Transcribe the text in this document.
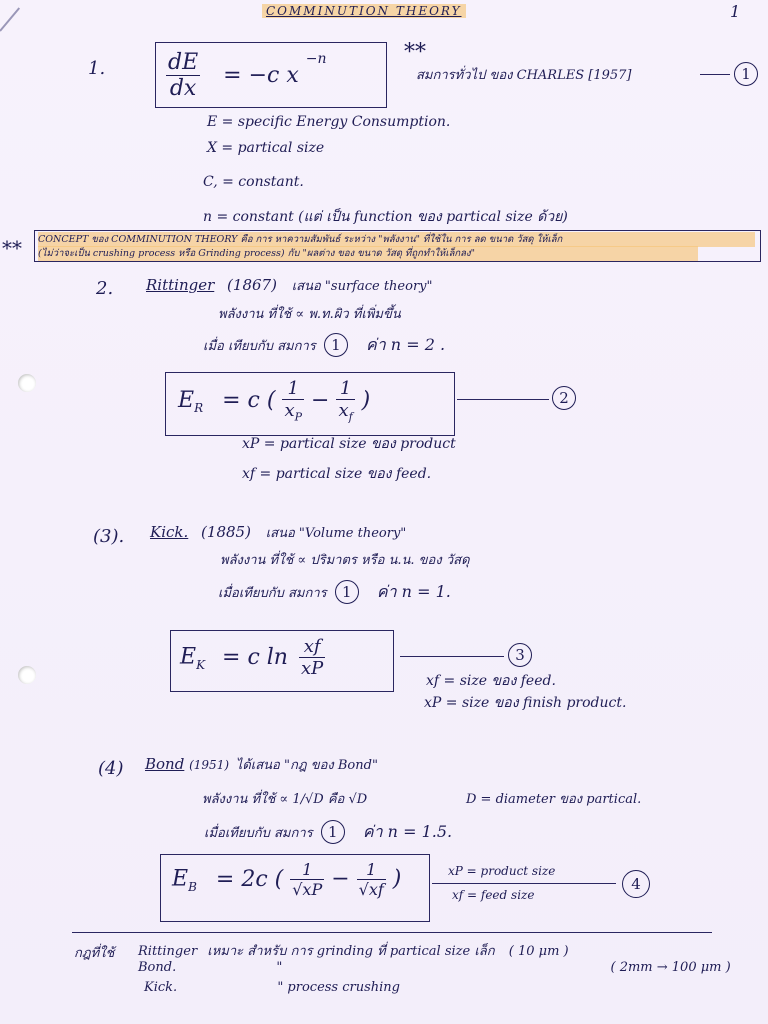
COMMINUTION THEORY	1
1.	$\frac{dE}{dx} = -c$ x $^{-n}$	**
สมการทั่วไป ของ CHARLES [1957]	1
E = specific Energy Consumption.
X = partical size
C, = constant.
n = constant (แต่ เป็น function ของ partical size ด้วย)
** CONCEPT ของ COMMINUTION THEORY คือ การ หาความสัมพันธ์ ระหว่าง "พลังงาน" ที่ใช้ใน การ ลด ขนาด วัสดุ ให้เล็ก
(ไม่ว่าจะเป็น crushing process หรือ Grinding process) กับ "ผลต่าง ของ ขนาด วัสดุ ที่ถูกทำให้เล็กลง"
2. Rittinger (1867) เสนอ "surface theory"
พลังงาน ที่ใช้ ∝ พ.ท.ผิว ที่เพิ่มขึ้น
เมื่อ เทียบกับ สมการ 1 ค่า n = 2 .
$E_R = c$ ( $\frac{1}{x_P} - \frac{1}{x_f}$ )	2
xP = partical size ของ product
xf = partical size ของ feed.
(3). Kick. (1885) เสนอ "Volume theory"
พลังงาน ที่ใช้ ∝ ปริมาตร หรือ น.น. ของ วัสดุ
เมื่อเทียบกับ สมการ 1 ค่า n = 1.
$E_K = c$ $\ln \frac{xf}{xP}$	3
xf = size ของ feed.
xP = size ของ finish product.
(4) Bond (1951) ได้เสนอ "กฎ ของ Bond"
พลังงาน ที่ใช้ ∝ 1/√D คือ √D	D = diameter ของ partical.
เมื่อเทียบกับ สมการ 1 ค่า n = 1.5.
$E_B = 2c$ ( $\frac{1}{√xP} - \frac{1}{√xf}$ )	xP = product size
xf = feed size
4
กฎที่ใช้ Rittinger เหมาะ สำหรับ การ grinding ที่ partical size เล็ก ( 10 μm )
Bond.	"	( 2mm → 100 μm )
Kick.	" process crushing
